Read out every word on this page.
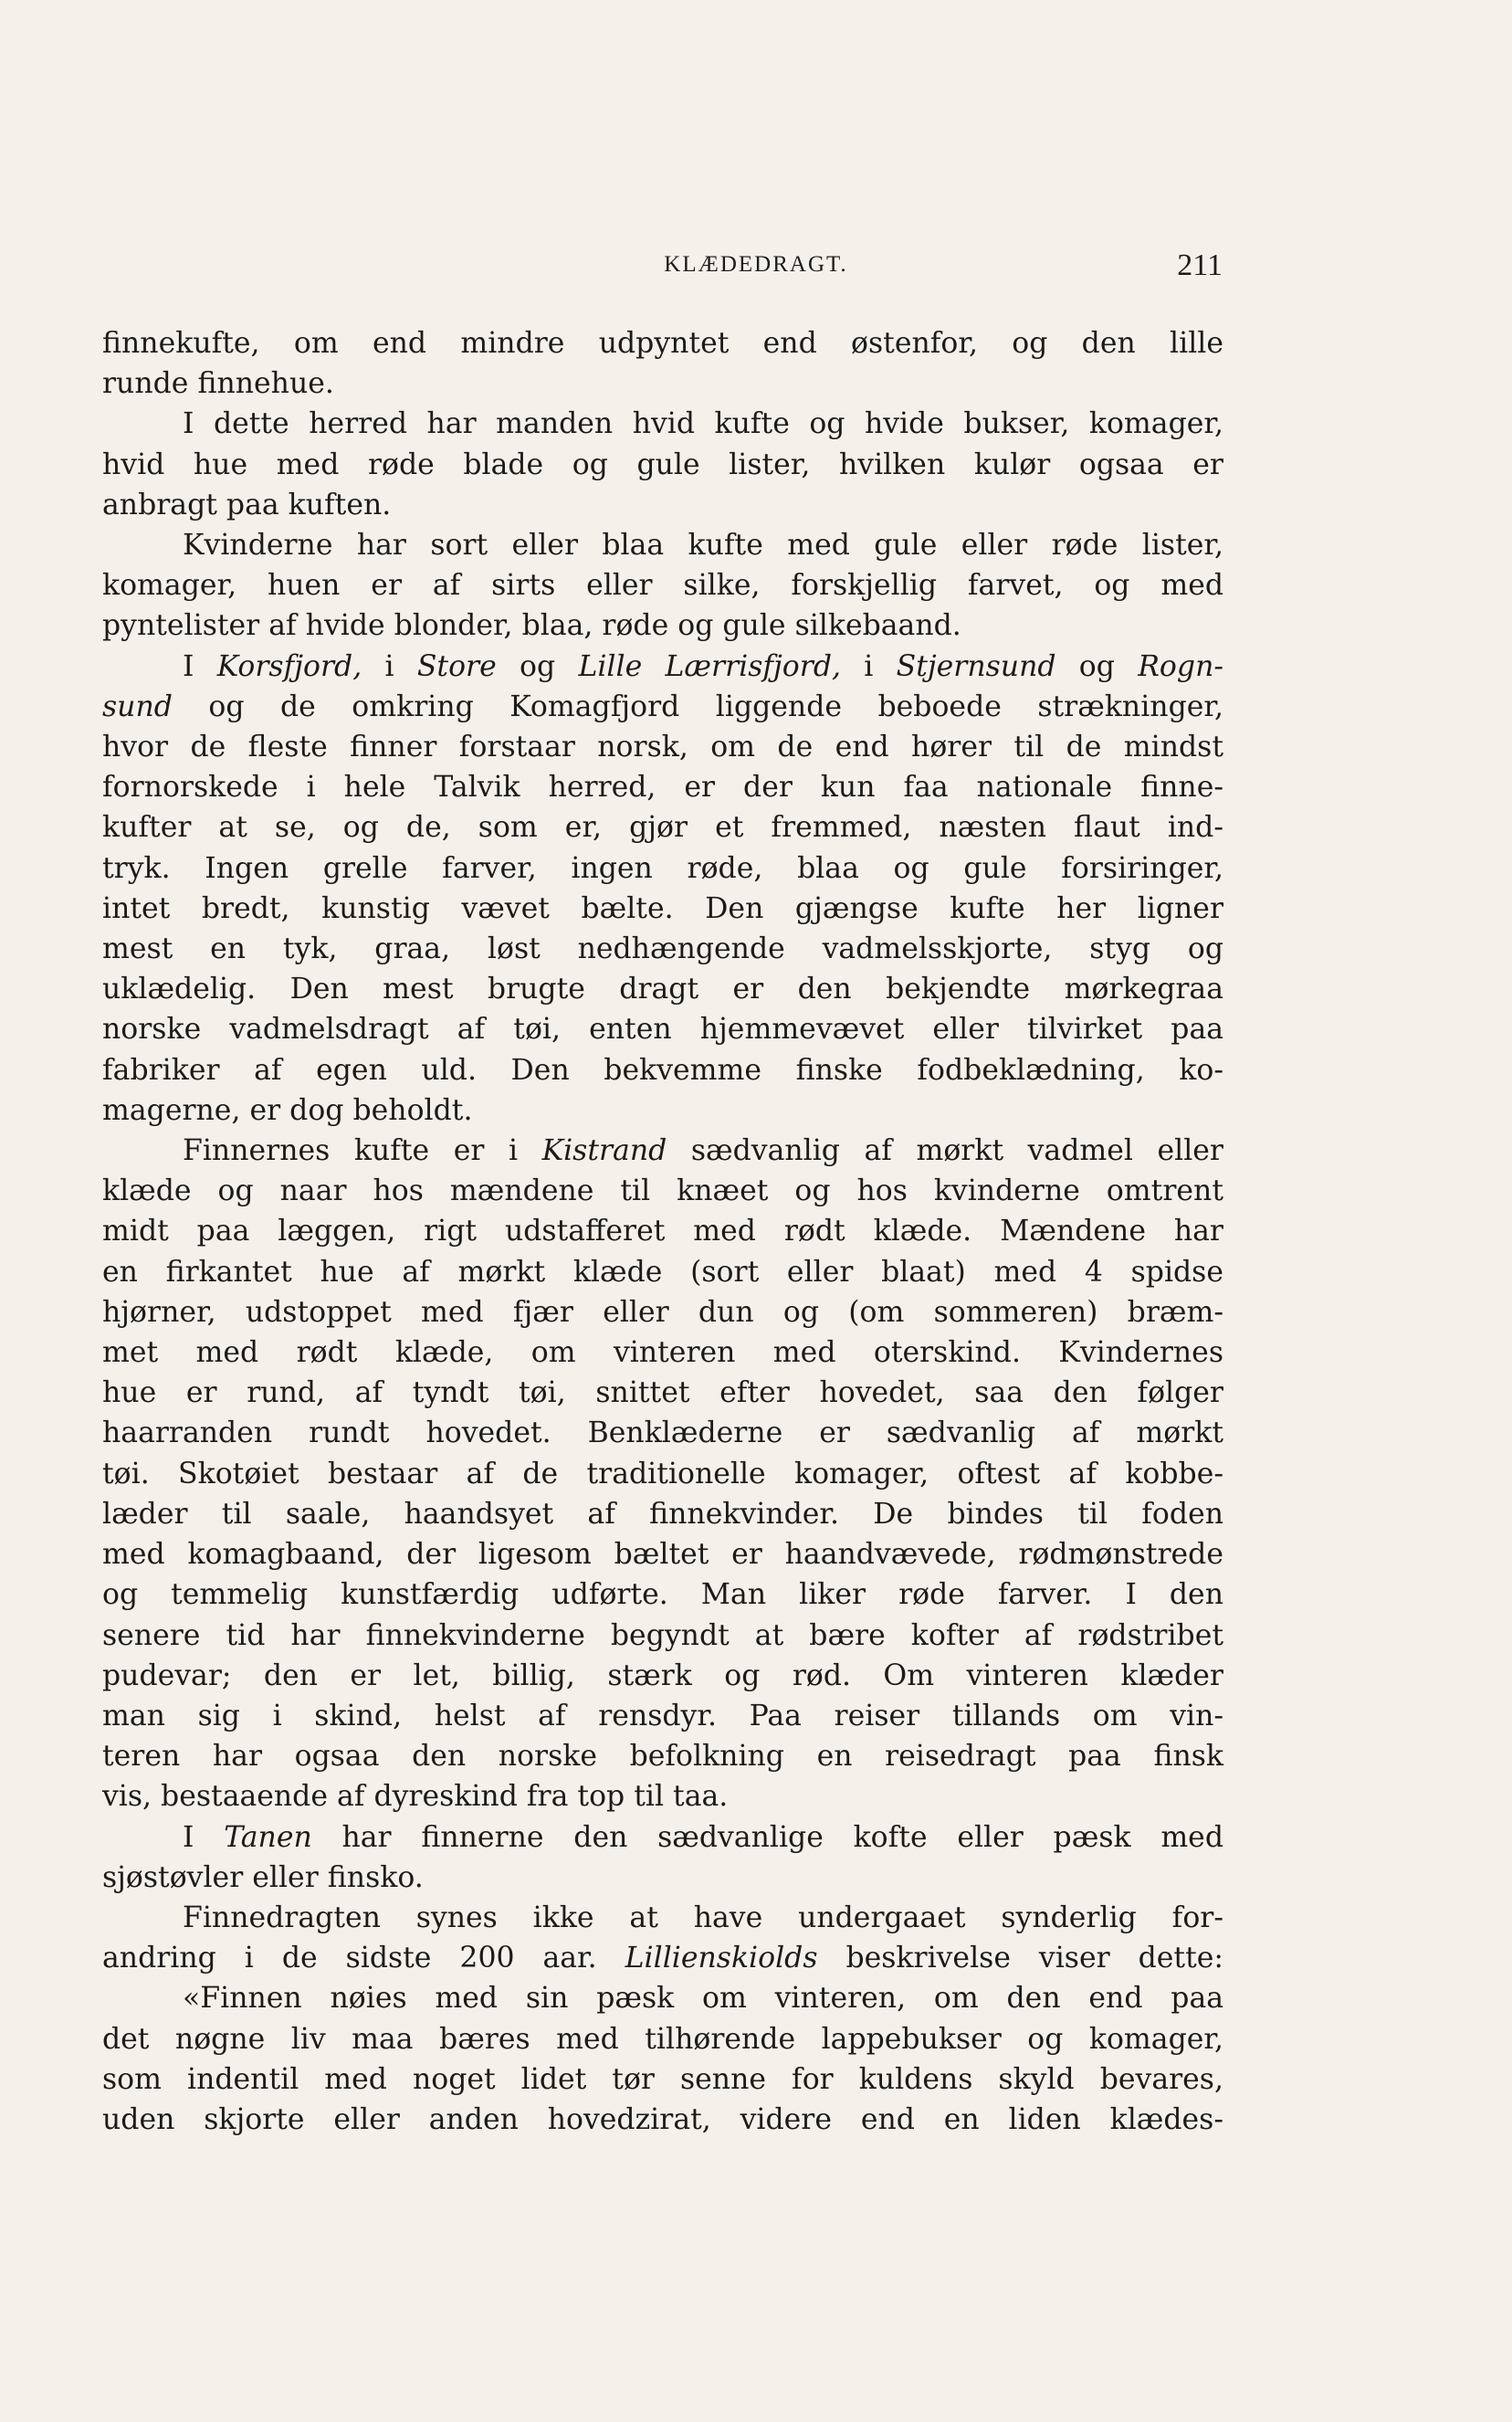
KLÆDEDRAGT.	211
finnekufte, om end mindre udpyntet end østenfor, og den lille
runde finnehue.
I dette herred har manden hvid kufte og hvide bukser, komager,
hvid hue med røde blade og gule lister, hvilken kulør ogsaa er
anbragt paa kuften.
Kvinderne har sort eller blaa kufte med gule eller røde lister,
komager, huen er af sirts eller silke, forskjellig farvet, og med
pyntelister af hvide blonder, blaa, røde og gule silkebaand.
I Korsfjord, i Store og Lille Lærrisfjord, i Stjernsund og Rogn-
sund og de omkring Komagfjord liggende beboede strækninger,
hvor de fleste finner forstaar norsk, om de end hører til de mindst
fornorskede i hele Talvik herred, er der kun faa nationale finne-
kufter at se, og de, som er, gjør et fremmed, næsten flaut ind-
tryk. Ingen grelle farver, ingen røde, blaa og gule forsiringer,
intet bredt, kunstig vævet bælte. Den gjængse kufte her ligner
mest en tyk, graa, løst nedhængende vadmelsskjorte, styg og
uklædelig. Den mest brugte dragt er den bekjendte mørkegraa
norske vadmelsdragt af tøi, enten hjemmevævet eller tilvirket paa
fabriker af egen uld. Den bekvemme finske fodbeklædning, ko-
magerne, er dog beholdt.
Finnernes kufte er i Kistrand sædvanlig af mørkt vadmel eller
klæde og naar hos mændene til knæet og hos kvinderne omtrent
midt paa læggen, rigt udstafferet med rødt klæde. Mændene har
en firkantet hue af mørkt klæde (sort eller blaat) med 4 spidse
hjørner, udstoppet med fjær eller dun og (om sommeren) bræm-
met med rødt klæde, om vinteren med oterskind. Kvindernes
hue er rund, af tyndt tøi, snittet efter hovedet, saa den følger
haarranden rundt hovedet. Benklæderne er sædvanlig af mørkt
tøi. Skotøiet bestaar af de traditionelle komager, oftest af kobbe-
læder til saale, haandsyet af finnekvinder. De bindes til foden
med komagbaand, der ligesom bæltet er haandvævede, rødmønstrede
og temmelig kunstfærdig udførte. Man liker røde farver. I den
senere tid har finnekvinderne begyndt at bære kofter af rødstribet
pudevar; den er let, billig, stærk og rød. Om vinteren klæder
man sig i skind, helst af rensdyr. Paa reiser tillands om vin-
teren har ogsaa den norske befolkning en reisedragt paa finsk
vis, bestaaende af dyreskind fra top til taa.
I Tanen har finnerne den sædvanlige kofte eller pæsk med
sjøstøvler eller finsko.
Finnedragten synes ikke at have undergaaet synderlig for-
andring i de sidste 200 aar. Lillienskiolds beskrivelse viser dette:
«Finnen nøies med sin pæsk om vinteren, om den end paa
det nøgne liv maa bæres med tilhørende lappebukser og komager,
som indentil med noget lidet tør senne for kuldens skyld bevares,
uden skjorte eller anden hovedzirat, videre end en liden klædes-
